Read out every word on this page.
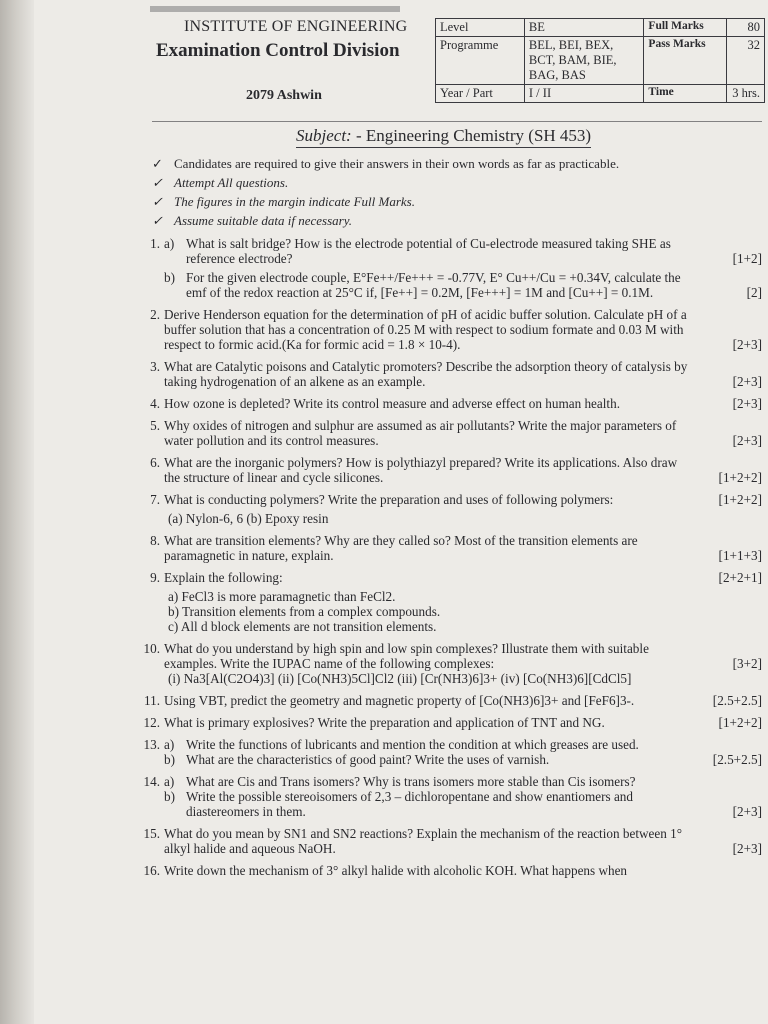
INSTITUTE OF ENGINEERING
Examination Control Division
2079 Ashwin
Level	BE	Full Marks	80
Programme	BEL, BEI, BEX, BCT, BAM, BIE, BAG, BAS	Pass Marks	32
Year / Part	I / II	Time	3 hrs.
Subject: - Engineering Chemistry (SH 453)
✓ Candidates are required to give their answers in their own words as far as practicable.
✓ Attempt All questions.
✓ The figures in the margin indicate Full Marks.
✓ Assume suitable data if necessary.
1. a) What is salt bridge? How is the electrode potential of Cu-electrode measured taking SHE as reference electrode?	[1+2]
b) For the given electrode couple, E°Fe++/Fe+++ = -0.77V, E° Cu++/Cu = +0.34V, calculate the emf of the redox reaction at 25°C if, [Fe++] = 0.2M, [Fe+++] = 1M and [Cu++] = 0.1M.	[2]
2. Derive Henderson equation for the determination of pH of acidic buffer solution. Calculate pH of a buffer solution that has a concentration of 0.25 M with respect to sodium formate and 0.03 M with respect to formic acid.(Ka for formic acid = 1.8 × 10-4).	[2+3]
3. What are Catalytic poisons and Catalytic promoters? Describe the adsorption theory of catalysis by taking hydrogenation of an alkene as an example.	[2+3]
4. How ozone is depleted? Write its control measure and adverse effect on human health.	[2+3]
5. Why oxides of nitrogen and sulphur are assumed as air pollutants? Write the major parameters of water pollution and its control measures.	[2+3]
6. What are the inorganic polymers? How is polythiazyl prepared? Write its applications. Also draw the structure of linear and cycle silicones.	[1+2+2]
7. What is conducting polymers? Write the preparation and uses of following polymers:	[1+2+2]
(a) Nylon-6, 6 (b) Epoxy resin
8. What are transition elements? Why are they called so? Most of the transition elements are paramagnetic in nature, explain.	[1+1+3]
9. Explain the following:	[2+2+1]
a) FeCl3 is more paramagnetic than FeCl2.
b) Transition elements from a complex compounds.
c) All d block elements are not transition elements.
10. What do you understand by high spin and low spin complexes? Illustrate them with suitable examples. Write the IUPAC name of the following complexes:	[3+2]
(i) Na3[Al(C2O4)3] (ii) [Co(NH3)5Cl]Cl2 (iii) [Cr(NH3)6]3+ (iv) [Co(NH3)6][CdCl5]
11. Using VBT, predict the geometry and magnetic property of [Co(NH3)6]3+ and [FeF6]3-.	[2.5+2.5]
12. What is primary explosives? Write the preparation and application of TNT and NG.	[1+2+2]
13. a) Write the functions of lubricants and mention the condition at which greases are used.
b) What are the characteristics of good paint? Write the uses of varnish.	[2.5+2.5]
14. a) What are Cis and Trans isomers? Why is trans isomers more stable than Cis isomers?
b) Write the possible stereoisomers of 2,3 – dichloropentane and show enantiomers and diastereomers in them.	[2+3]
15. What do you mean by SN1 and SN2 reactions? Explain the mechanism of the reaction between 1° alkyl halide and aqueous NaOH.	[2+3]
16. Write down the mechanism of 3° alkyl halide with alcoholic KOH. What happens when
